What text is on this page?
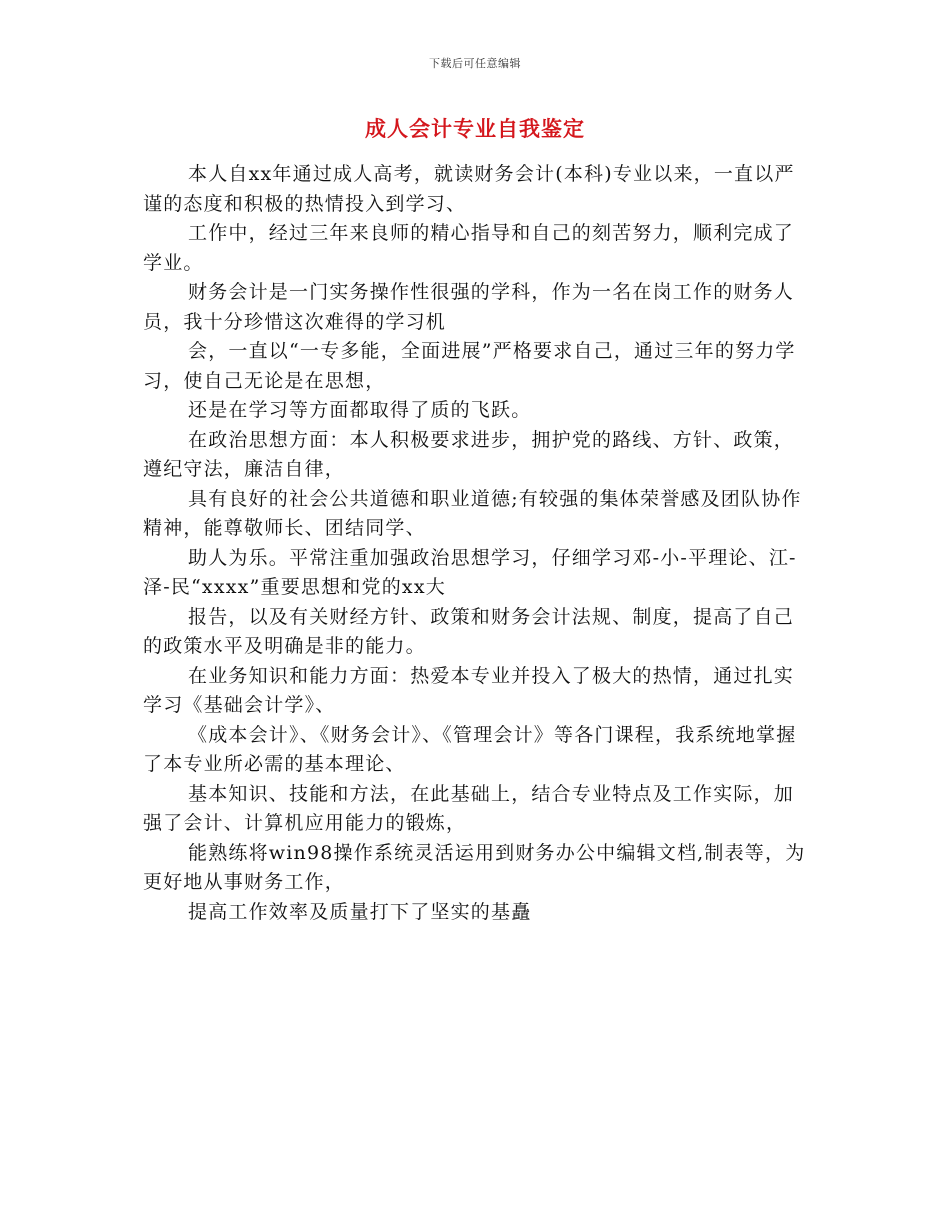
下载后可任意编辑
成人会计专业自我鉴定

本人自xx年通过成人高考，就读财务会计(本科)专业以来，一直以严谨的态度和积极的热情投入到学习、

工作中，经过三年来良师的精心指导和自己的刻苦努力，顺利完成了学业。

财务会计是一门实务操作性很强的学科，作为一名在岗工作的财务人员，我十分珍惜这次难得的学习机

会，一直以“一专多能，全面进展”严格要求自己，通过三年的努力学习，使自己无论是在思想，

还是在学习等方面都取得了质的飞跃。

在政治思想方面：本人积极要求进步，拥护党的路线、方针、政策，遵纪守法，廉洁自律，

具有良好的社会公共道德和职业道德;有较强的集体荣誉感及团队协作精神，能尊敬师长、团结同学、

助人为乐。平常注重加强政治思想学习，仔细学习邓-小-平理论、江-泽-民“xxxx”重要思想和党的xx大

报告，以及有关财经方针、政策和财务会计法规、制度，提高了自己的政策水平及明确是非的能力。

在业务知识和能力方面：热爱本专业并投入了极大的热情，通过扎实学习《基础会计学》、

《成本会计》、《财务会计》、《管理会计》等各门课程，我系统地掌握了本专业所必需的基本理论、

基本知识、技能和方法，在此基础上，结合专业特点及工作实际，加强了会计、计算机应用能力的锻炼，

能熟练将win98操作系统灵活运用到财务办公中编辑文档,制表等，为更好地从事财务工作，

提高工作效率及质量打下了坚实的基矗
